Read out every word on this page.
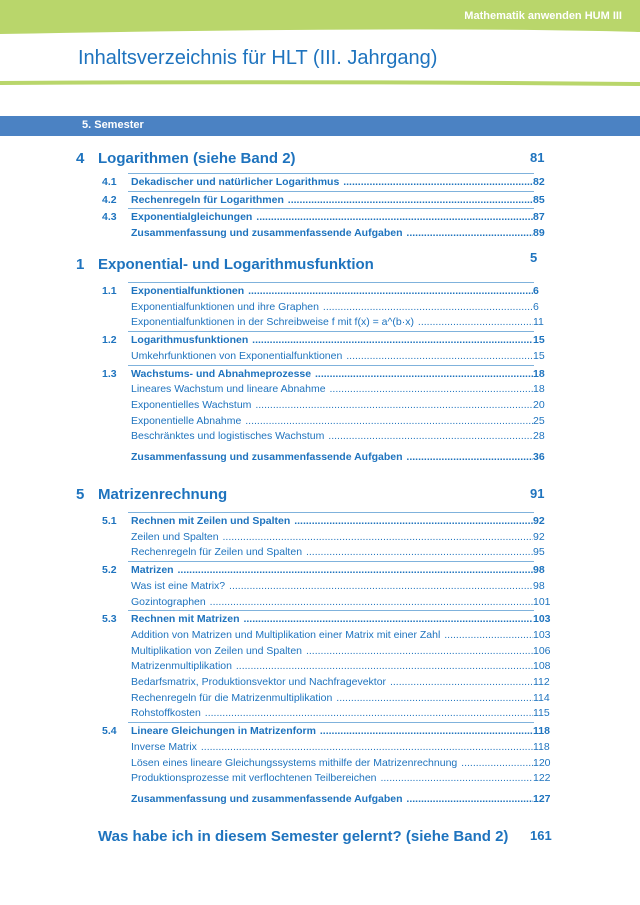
Mathematik anwenden HUM III
Inhaltsverzeichnis für HLT (III. Jahrgang)
5. Semester
4 Logarithmen (siehe Band 2)	81
4.1 Dekadischer und natürlicher Logarithmus .....	82
4.2 Rechenregeln für Logarithmen .....	85
4.3 Exponentialgleichungen .....	87
Zusammenfassung und zusammenfassende Aufgaben .....	89
1 Exponential- und Logarithmusfunktion	5
1.1 Exponentialfunktionen .....	6
Exponentialfunktionen und ihre Graphen .....	6
Exponentialfunktionen in der Schreibweise f mit f(x) = a^(b·x) .....	11
1.2 Logarithmusfunktionen .....	15
Umkehrfunktionen von Exponentialfunktionen .....	15
1.3 Wachstums- und Abnahmeprozesse .....	18
Lineares Wachstum und lineare Abnahme .....	18
Exponentielles Wachstum .....	20
Exponentielle Abnahme .....	25
Beschränktes und logistisches Wachstum .....	28
Zusammenfassung und zusammenfassende Aufgaben .....	36
5 Matrizenrechnung	91
5.1 Rechnen mit Zeilen und Spalten .....	92
Zeilen und Spalten .....	92
Rechenregeln für Zeilen und Spalten .....	95
5.2 Matrizen .....	98
Was ist eine Matrix? .....	98
Gozintographen .....	101
5.3 Rechnen mit Matrizen .....	103
Addition von Matrizen und Multiplikation einer Matrix mit einer Zahl .....	103
Multiplikation von Zeilen und Spalten .....	106
Matrizenmultiplikation .....	108
Bedarfsmatrix, Produktionsvektor und Nachfragevektor .....	112
Rechenregeln für die Matrizenmultiplikation .....	114
Rohstoffkosten .....	115
5.4 Lineare Gleichungen in Matrizenform .....	118
Inverse Matrix .....	118
Lösen eines lineare Gleichungssystems mithilfe der Matrizenrechnung .....	120
Produktionsprozesse mit verflochtenen Teilbereichen .....	122
Zusammenfassung und zusammenfassende Aufgaben .....	127
Was habe ich in diesem Semester gelernt? (siehe Band 2) 161
